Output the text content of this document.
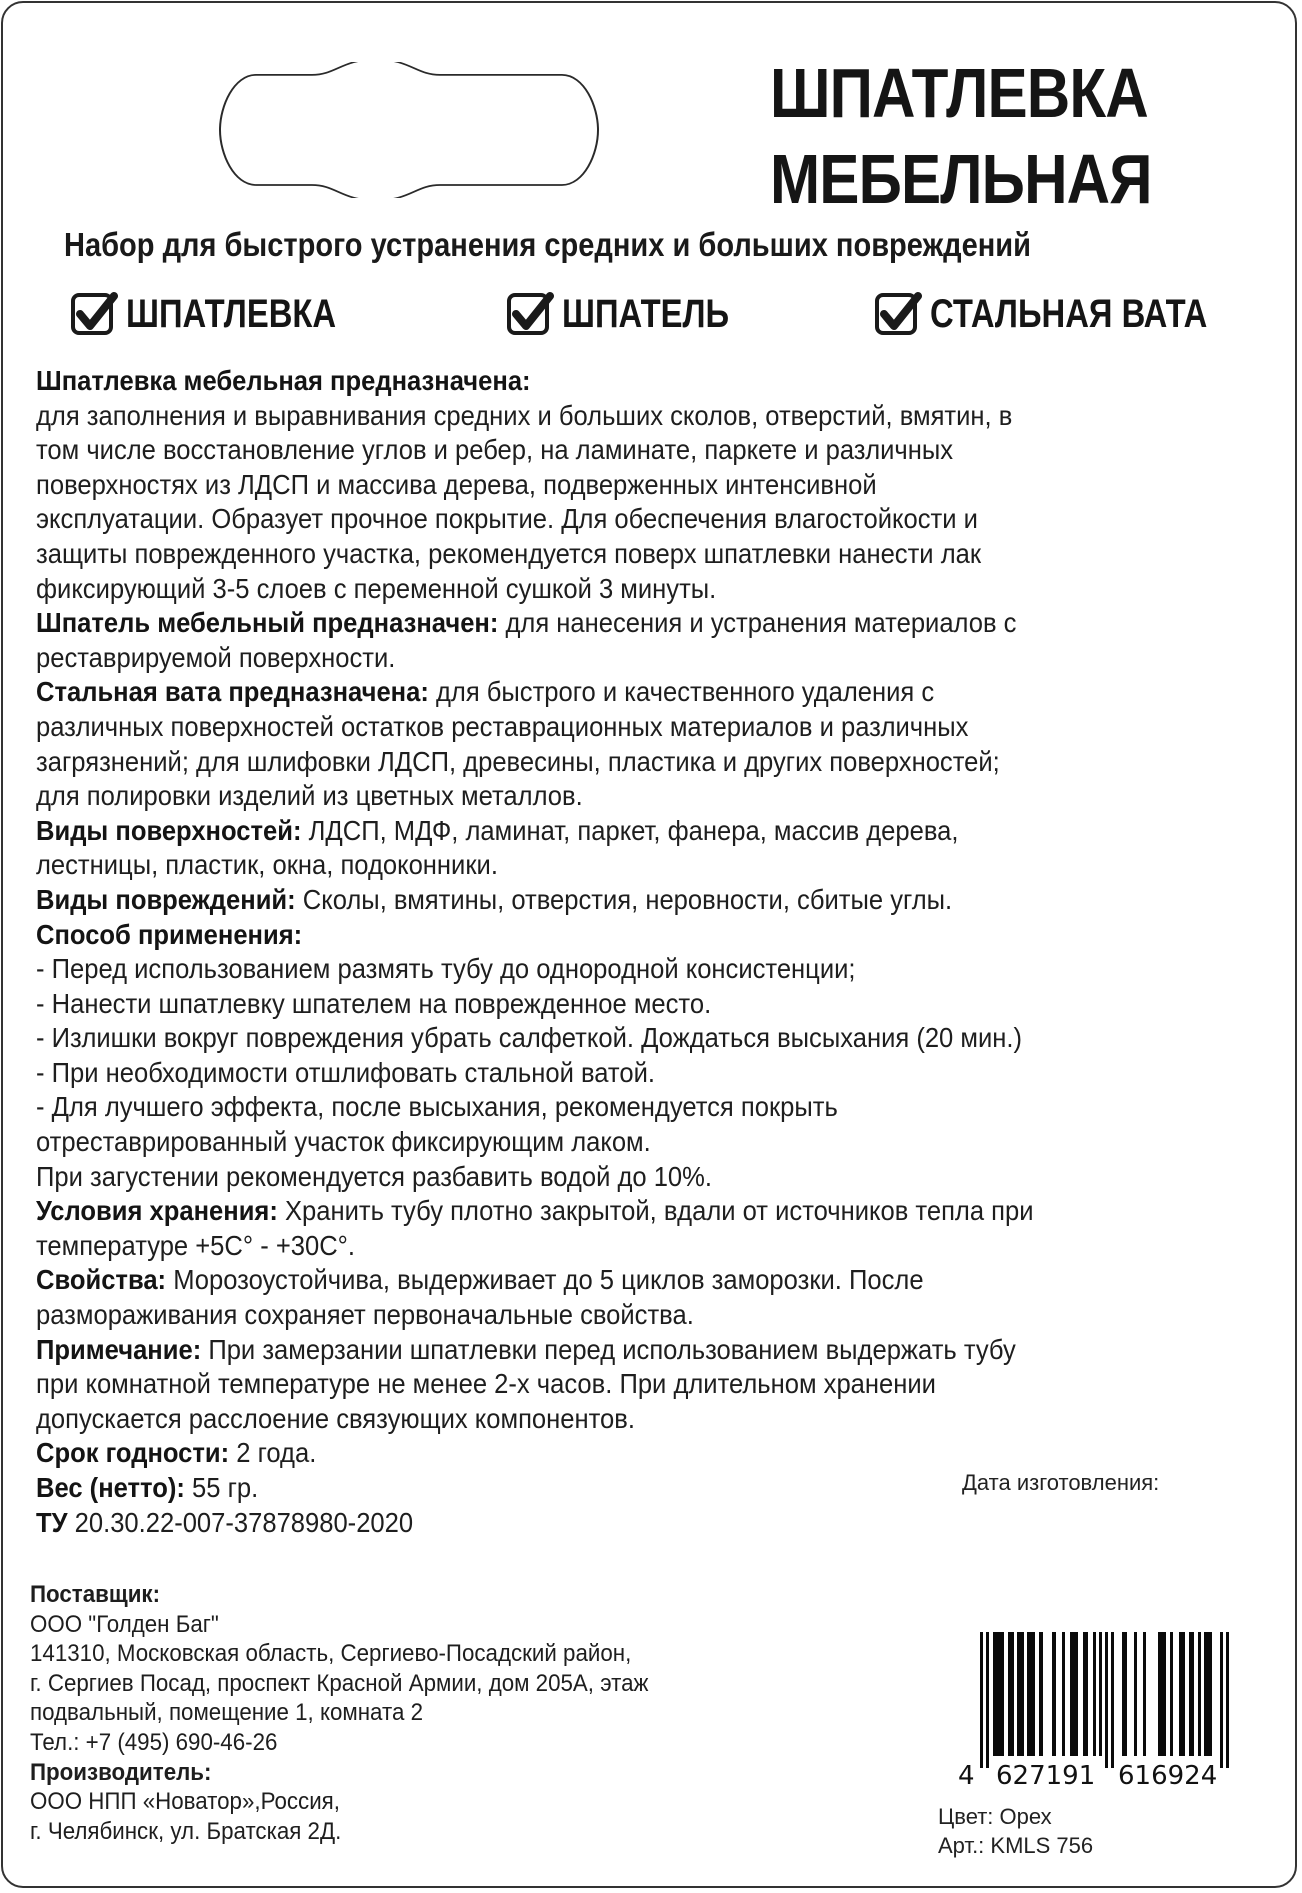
ШПАТЛЕВКА
МЕБЕЛЬНАЯ
Набор для быстрого устранения средних и больших повреждений
ШПАТЛЕВКА	ШПАТЕЛЬ	СТАЛЬНАЯ ВАТА

Шпатлевка мебельная предназначена:

для заполнения и выравнивания средних и больших сколов, отверстий, вмятин, в

том числе восстановление углов и ребер, на ламинате, паркете и различных

поверхностях из ЛДСП и массива дерева, подверженных интенсивной

эксплуатации. Образует прочное покрытие. Для обеспечения влагостойкости и

защиты поврежденного участка, рекомендуется поверх шпатлевки нанести лак

фиксирующий 3-5 слоев с переменной сушкой 3 минуты.

Шпатель мебельный предназначен: для нанесения и устранения материалов с

реставрируемой поверхности.

Стальная вата предназначена: для быстрого и качественного удаления с

различных поверхностей остатков реставрационных материалов и различных

загрязнений; для шлифовки ЛДСП, древесины, пластика и других поверхностей;

для полировки изделий из цветных металлов.

Виды поверхностей: ЛДСП, МДФ, ламинат, паркет, фанера, массив дерева,

лестницы, пластик, окна, подоконники.

Виды повреждений: Сколы, вмятины, отверстия, неровности, сбитые углы.

Способ применения:

- Перед использованием размять тубу до однородной консистенции;

- Нанести шпатлевку шпателем на поврежденное место.

- Излишки вокруг повреждения убрать салфеткой. Дождаться высыхания (20 мин.)

- При необходимости отшлифовать стальной ватой.

- Для лучшего эффекта, после высыхания, рекомендуется покрыть

отреставрированный участок фиксирующим лаком.

При загустении рекомендуется разбавить водой до 10%.

Условия хранения: Хранить тубу плотно закрытой, вдали от источников тепла при

температуре +5С° - +30С°.

Свойства: Морозоустойчива, выдерживает до 5 циклов заморозки. После

размораживания сохраняет первоначальные свойства.

Примечание: При замерзании шпатлевки перед использованием выдержать тубу

при комнатной температуре не менее 2-х часов. При длительном хранении

допускается расслоение связующих компонентов.

Срок годности: 2 года.

Вес (нетто): 55 гр.

ТУ 20.30.22-007-37878980-2020

Дата изготовления:

Поставщик:

ООО "Голден Баг"

141310, Московская область, Сергиево-Посадский район,

г. Сергиев Посад, проспект Красной Армии, дом 205А, этаж

подвальный, помещение 1, комната 2

Тел.: +7 (495) 690-46-26

Производитель:

ООО НПП «Новатор»,Россия,

г. Челябинск, ул. Братская 2Д.

4 627191 616924

Цвет: Орех

Арт.: KMLS 756
